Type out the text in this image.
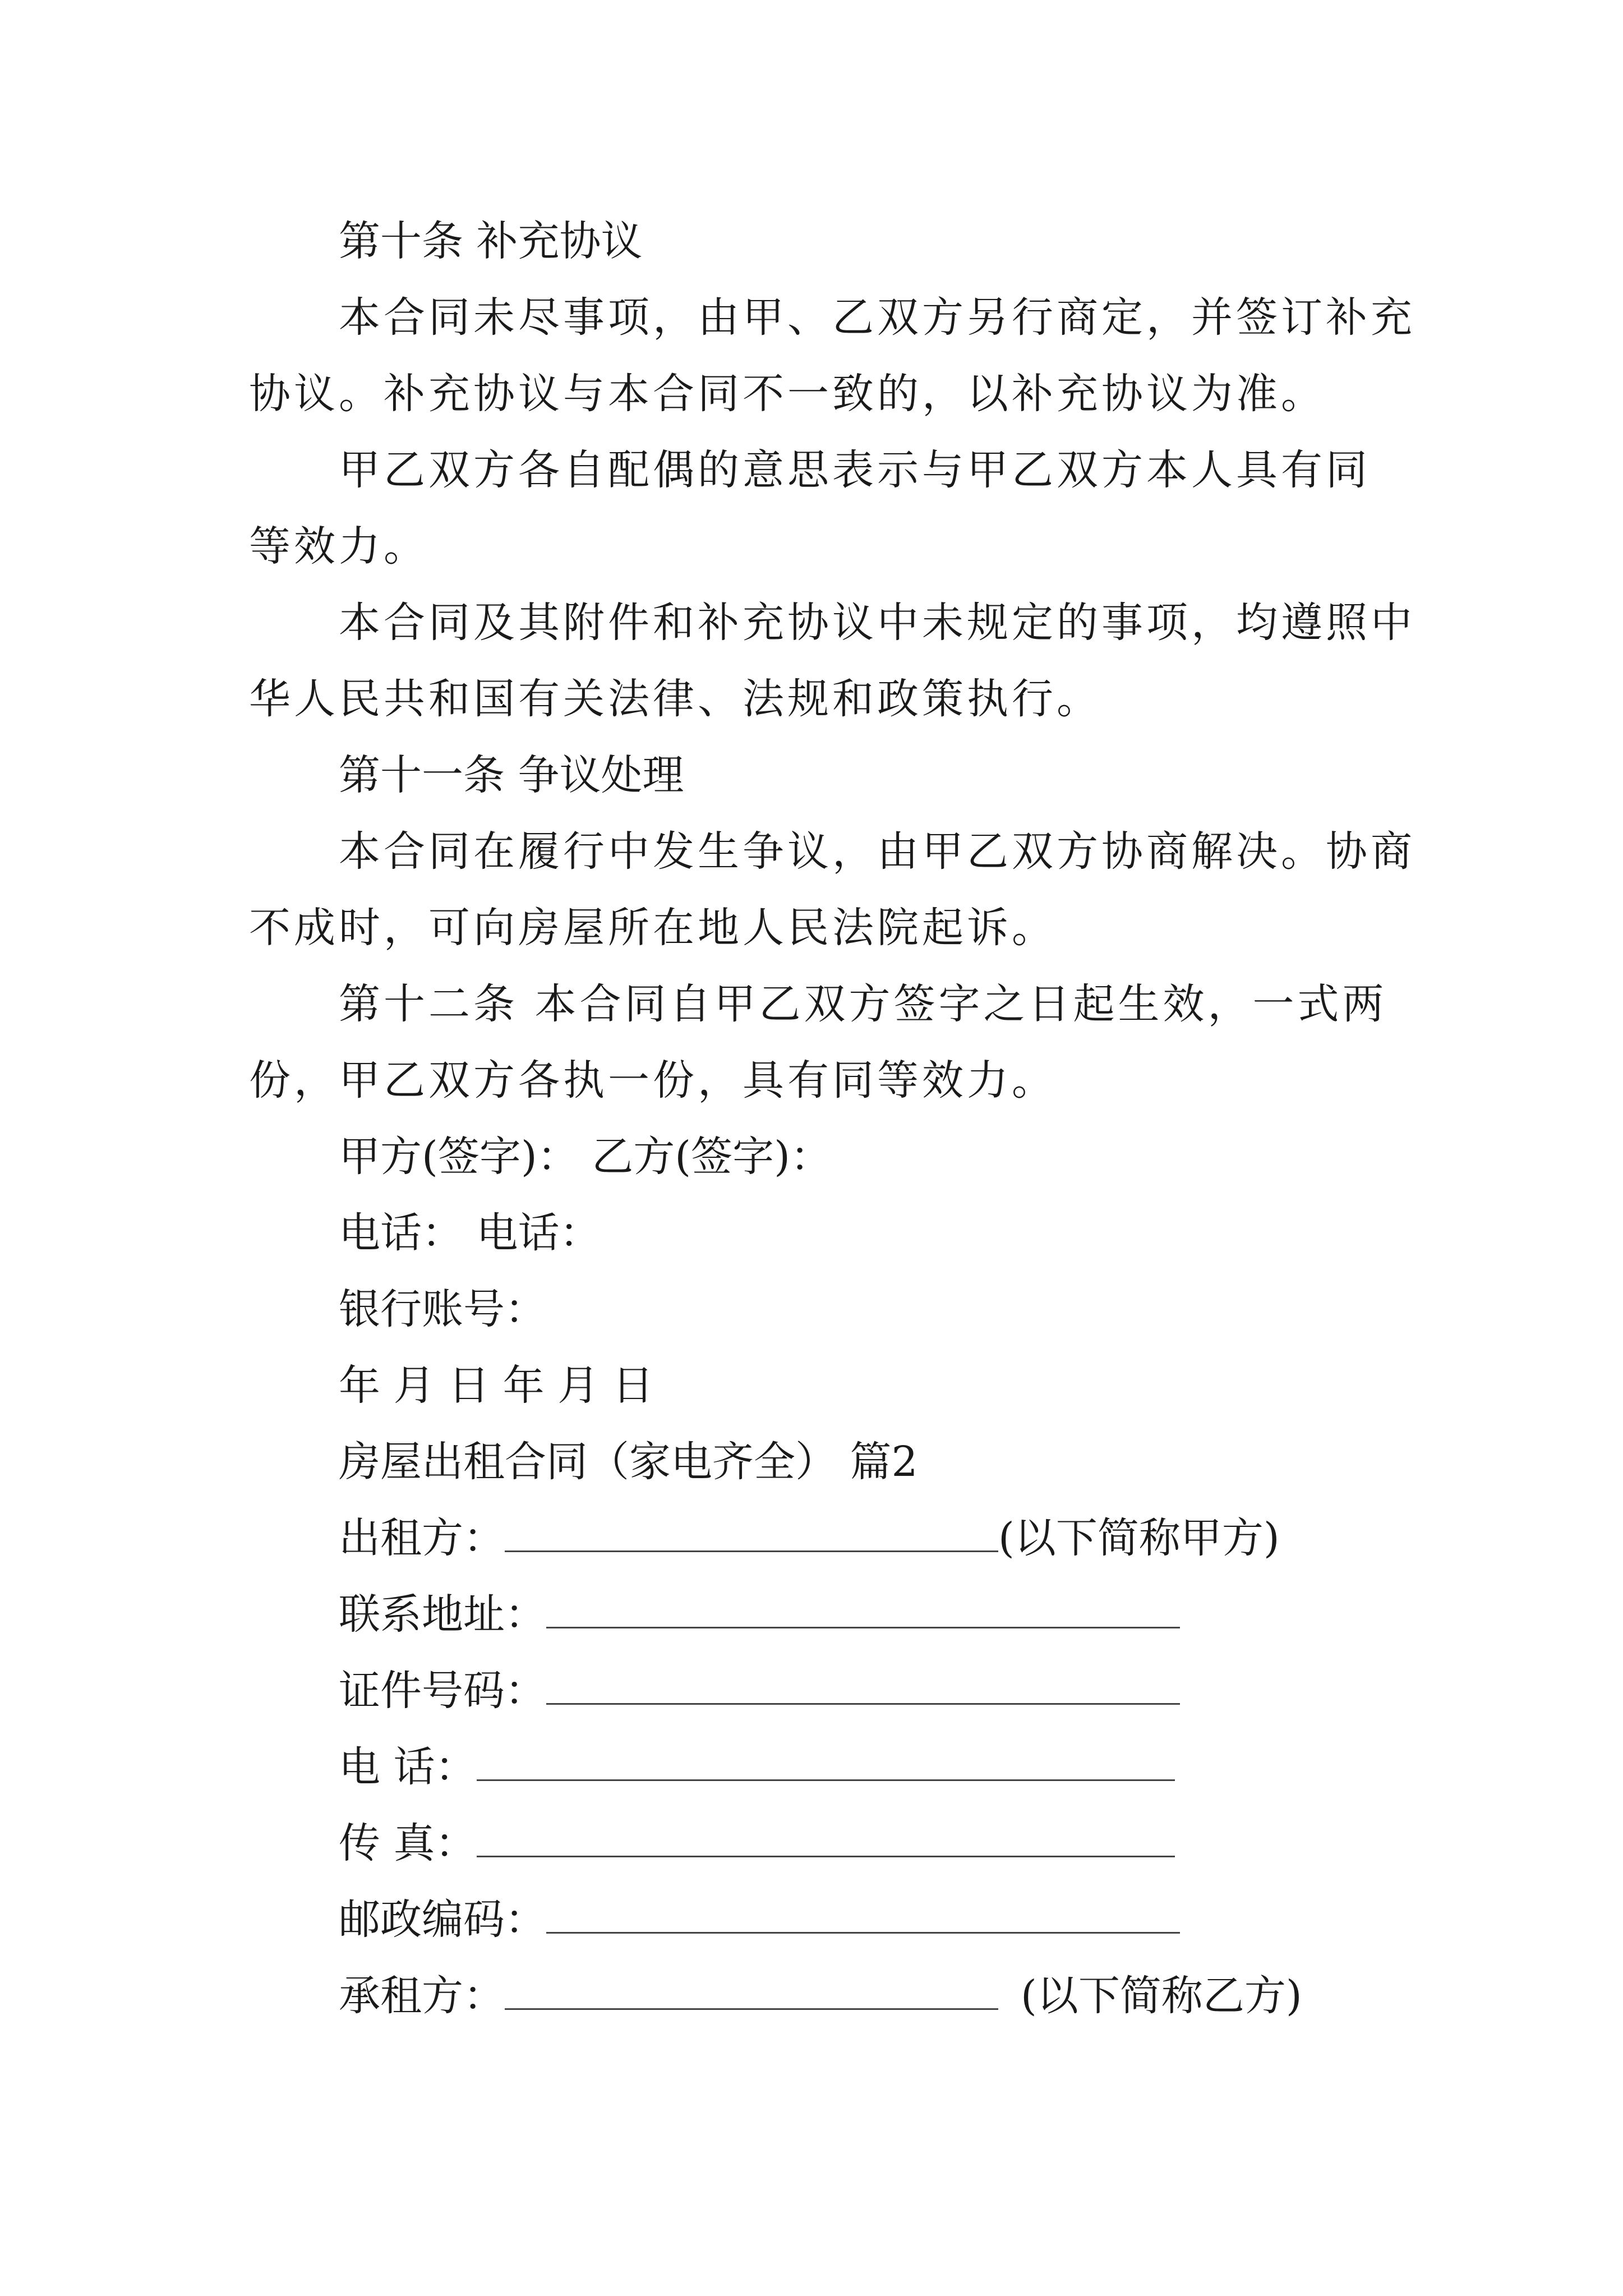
第十条 补充协议
本合同未尽事项，由甲、乙双方另行商定，并签订补充
协议。补充协议与本合同不一致的，以补充协议为准。
甲乙双方各自配偶的意思表示与甲乙双方本人具有同
等效力。
本合同及其附件和补充协议中未规定的事项，均遵照中
华人民共和国有关法律、法规和政策执行。
第十一条 争议处理
本合同在履行中发生争议，由甲乙双方协商解决。协商
不成时，可向房屋所在地人民法院起诉。
第十二条 本合同自甲乙双方签字之日起生效，一式两
份，甲乙双方各执一份，具有同等效力。
甲方(签字)： 乙方(签字)：
电话： 电话：
银行账号：
年 月 日 年 月 日
房屋出租合同（家电齐全） 篇2
出租方：	(以下简称甲方)
联系地址：
证件号码：
电 话：
传 真：
邮政编码：
承租方：	(以下简称乙方)
